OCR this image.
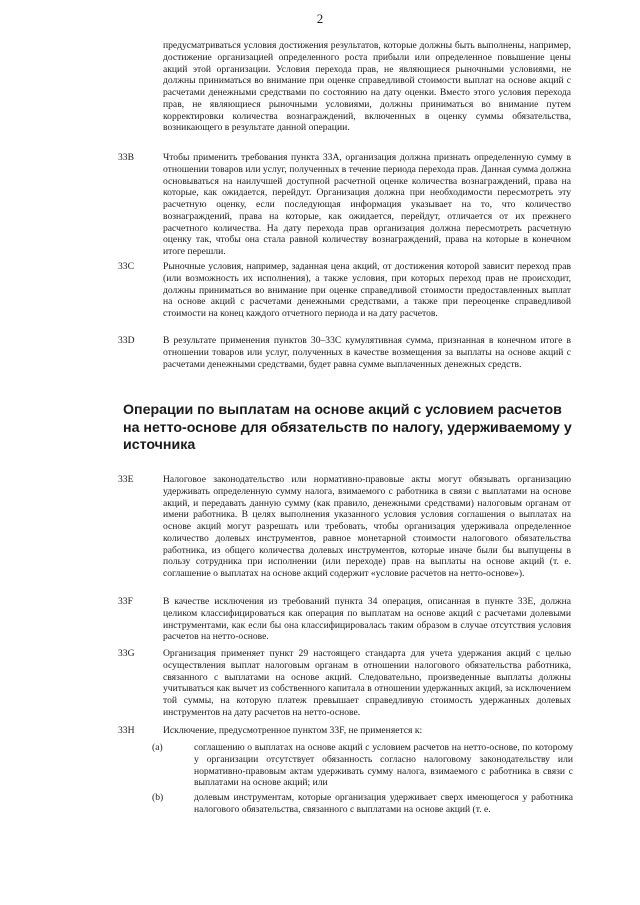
2

предусматриваться условия достижения результатов, которые должны быть выполнены, например, достижение организацией определенного роста прибыли или определенное повышение цены акций этой организации. Условия перехода прав, не являющиеся рыночными условиями, не должны приниматься во внимание при оценке справедливой стоимости выплат на основе акций с расчетами денежными средствами по состоянию на дату оценки. Вместо этого условия перехода прав, не являющиеся рыночными условиями, должны приниматься во внимание путем корректировки количества вознаграждений, включенных в оценку суммы обязательства, возникающего в результате данной операции.

33B	Чтобы применить требования пункта 33A, организация должна признать определенную сумму в отношении товаров или услуг, полученных в течение периода перехода прав. Данная сумма должна основываться на наилучшей доступной расчетной оценке количества вознаграждений, права на которые, как ожидается, перейдут. Организация должна при необходимости пересмотреть эту расчетную оценку, если последующая информация указывает на то, что количество вознаграждений, права на которые, как ожидается, перейдут, отличается от их прежнего расчетного количества. На дату перехода прав организация должна пересмотреть расчетную оценку так, чтобы она стала равной количеству вознаграждений, права на которые в конечном итоге перешли.

33C	Рыночные условия, например, заданная цена акций, от достижения которой зависит переход прав (или возможность их исполнения), а также условия, при которых переход прав не происходит, должны приниматься во внимание при оценке справедливой стоимости предоставленных выплат на основе акций с расчетами денежными средствами, а также при переоценке справедливой стоимости на конец каждого отчетного периода и на дату расчетов.

33D	В результате применения пунктов 30–33C кумулятивная сумма, признанная в конечном итоге в отношении товаров или услуг, полученных в качестве возмещения за выплаты на основе акций с расчетами денежными средствами, будет равна сумме выплаченных денежных средств.

Операции по выплатам на основе акций с условием расчетов на нетто-основе для обязательств по налогу, удерживаемому у источника
33E	Налоговое законодательство или нормативно-правовые акты могут обязывать организацию удерживать определенную сумму налога, взимаемого с работника в связи с выплатами на основе акций, и передавать данную сумму (как правило, денежными средствами) налоговым органам от имени работника. В целях выполнения указанного условия условия соглашения о выплатах на основе акций могут разрешать или требовать, чтобы организация удерживала определенное количество долевых инструментов, равное монетарной стоимости налогового обязательства работника, из общего количества долевых инструментов, которые иначе были бы выпущены в пользу сотрудника при исполнении (или переходе) прав на выплаты на основе акций (т. е. соглашение о выплатах на основе акций содержит «условие расчетов на нетто-основе»).

33F	В качестве исключения из требований пункта 34 операция, описанная в пункте 33E, должна целиком классифицироваться как операция по выплатам на основе акций с расчетами долевыми инструментами, как если бы она классифицировалась таким образом в случае отсутствия условия расчетов на нетто-основе.

33G	Организация применяет пункт 29 настоящего стандарта для учета удержания акций с целью осуществления выплат налоговым органам в отношении налогового обязательства работника, связанного с выплатами на основе акций. Следовательно, произведенные выплаты должны учитываться как вычет из собственного капитала в отношении удержанных акций, за исключением той суммы, на которую платеж превышает справедливую стоимость удержанных долевых инструментов на дату расчетов на нетто-основе.

33H	Исключение, предусмотренное пунктом 33F, не применяется к:

(a)	соглашению о выплатах на основе акций с условием расчетов на нетто-основе, по которому у организации отсутствует обязанность согласно налоговому законодательству или нормативно-правовым актам удерживать сумму налога, взимаемого с работника в связи с выплатами на основе акций; или

(b)	долевым инструментам, которые организация удерживает сверх имеющегося у работника налогового обязательства, связанного с выплатами на основе акций (т. е.
